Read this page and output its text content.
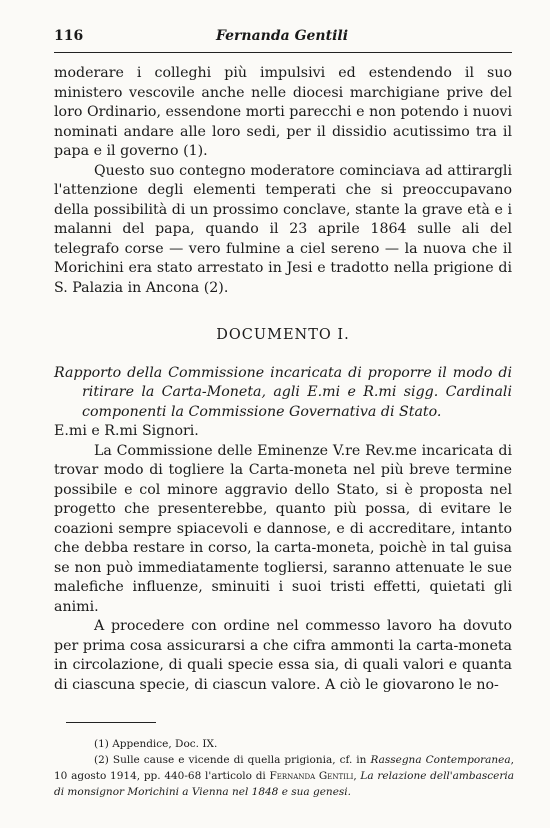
116	Fernanda Gentili

moderare i colleghi più impulsivi ed estendendo il suo ministero vescovile anche nelle diocesi marchigiane prive del loro Ordinario, essendone morti parecchi e non potendo i nuovi nominati andare alle loro sedi, per il dissidio acutissimo tra il papa e il governo (1).

Questo suo contegno moderatore cominciava ad attirargli l'attenzione degli elementi temperati che si preoccupavano della possibilità di un prossimo conclave, stante la grave età e i malanni del papa, quando il 23 aprile 1864 sulle ali del telegrafo corse — vero fulmine a ciel sereno — la nuova che il Morichini era stato arrestato in Jesi e tradotto nella prigione di S. Palazia in Ancona (2).

DOCUMENTO I.

Rapporto della Commissione incaricata di proporre il modo di ritirare la Carta-Moneta, agli E.mi e R.mi sigg. Cardinali componenti la Commissione Governativa di Stato.

E.mi e R.mi Signori.

La Commissione delle Eminenze V.re Rev.me incaricata di trovar modo di togliere la Carta-moneta nel più breve termine possibile e col minore aggravio dello Stato, si è proposta nel progetto che presenterebbe, quanto più possa, di evitare le coazioni sempre spiacevoli e dannose, e di accreditare, intanto che debba restare in corso, la carta-moneta, poichè in tal guisa se non può immediatamente togliersi, saranno attenuate le sue malefiche influenze, sminuiti i suoi tristi effetti, quietati gli animi.

A procedere con ordine nel commesso lavoro ha dovuto per prima cosa assicurarsi a che cifra ammonti la carta-moneta in circolazione, di quali specie essa sia, di quali valori e quanta di ciascuna specie, di ciascun valore. A ciò le giovarono le no-

(1) Appendice, Doc. IX.

(2) Sulle cause e vicende di quella prigionia, cf. in Rassegna Contemporanea, 10 agosto 1914, pp. 440-68 l'articolo di Fernanda Gentili, La relazione dell'ambasceria di monsignor Morichini a Vienna nel 1848 e sua genesi.
